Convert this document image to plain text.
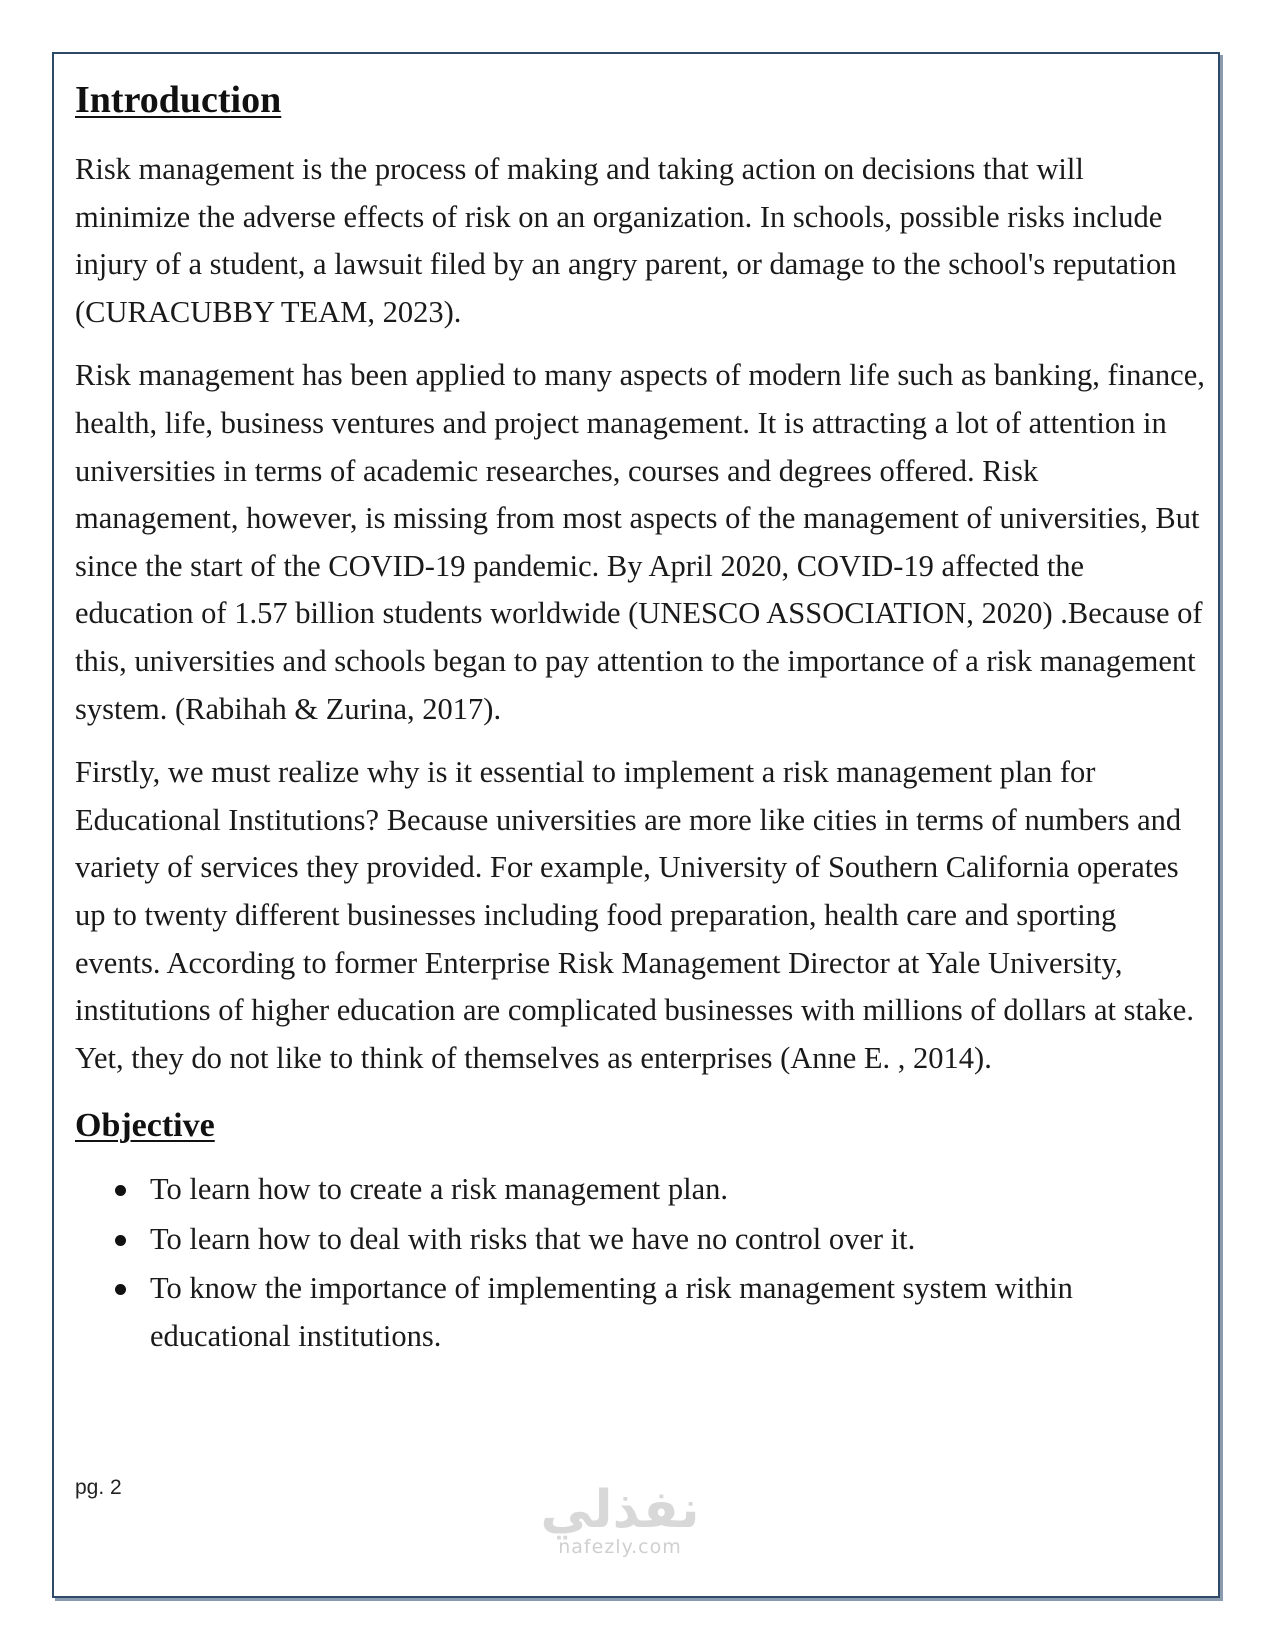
Introduction

Risk management is the process of making and taking action on decisions that will minimize the adverse effects of risk on an organization. In schools, possible risks include injury of a student, a lawsuit filed by an angry parent, or damage to the school's reputation (CURACUBBY TEAM, 2023).

Risk management has been applied to many aspects of modern life such as banking, finance, health, life, business ventures and project management. It is attracting a lot of attention in universities in terms of academic researches, courses and degrees offered. Risk management, however, is missing from most aspects of the management of universities, But since the start of the COVID-19 pandemic. By April 2020, COVID-19 affected the education of 1.57 billion students worldwide (UNESCO ASSOCIATION, 2020) .Because of this, universities and schools began to pay attention to the importance of a risk management system. (Rabihah & Zurina, 2017).

Firstly, we must realize why is it essential to implement a risk management plan for Educational Institutions? Because universities are more like cities in terms of numbers and variety of services they provided. For example, University of Southern California operates up to twenty different businesses including food preparation, health care and sporting events. According to former Enterprise Risk Management Director at Yale University, institutions of higher education are complicated businesses with millions of dollars at stake. Yet, they do not like to think of themselves as enterprises (Anne E. , 2014).

Objective
To learn how to create a risk management plan.
To learn how to deal with risks that we have no control over it.
To know the importance of implementing a risk management system within educational institutions.
pg. 2	نفذلي
nafezly.com
